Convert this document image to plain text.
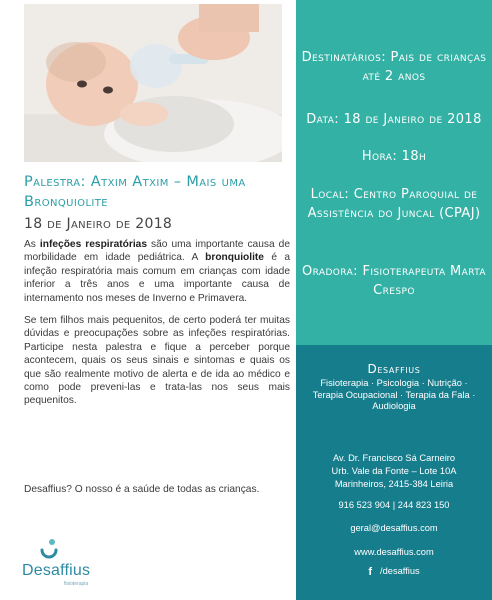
Palestra: Atxim Atxim – Mais uma Bronquiolite
18 de Janeiro de 2018

As infeções respiratórias são uma importante causa de morbilidade em idade pediátrica. A bronquiolite é a infeção respiratória mais comum em crianças com idade inferior a três anos e uma importante causa de internamento nos meses de Inverno e Primavera.

Se tem filhos mais pequenitos, de certo poderá ter muitas dúvidas e preocupações sobre as infeções respiratórias. Participe nesta palestra e fique a perceber porque acontecem, quais os seus sinais e sintomas e quais os que são realmente motivo de alerta e de ida ao médico e como pode preveni-las e trata-las nos seus mais pequenitos.

Desaffius? O nosso é a saúde de todas as crianças.
Desaffius
fisioterapia
Destinatários: Pais de crianças até 2 anos
Data: 18 de Janeiro de 2018
Hora: 18h
Local: Centro Paroquial de Assistência do Juncal (CPAJ)
Oradora: Fisioterapeuta Marta Crespo
Desaffius
Fisioterapia · Psicologia · Nutrição · Terapia Ocupacional · Terapia da Fala · Audiologia
Av. Dr. Francisco Sá Carneiro
Urb. Vale da Fonte – Lote 10A
Marinheiros, 2415-384 Leiria
916 523 904 | 244 823 150
geral@desaffius.com
www.desaffius.com
f /desaffius
